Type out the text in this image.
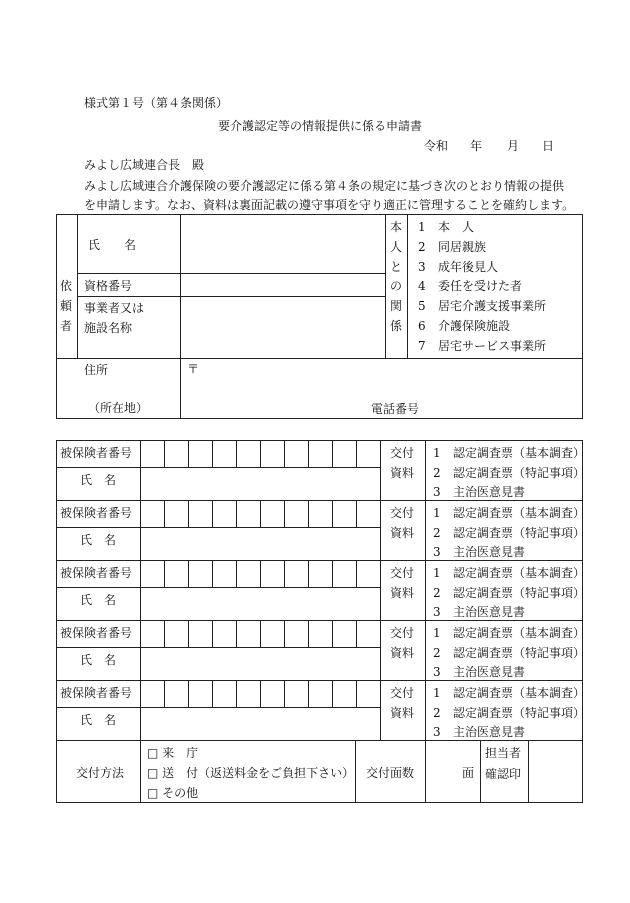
様式第１号（第４条関係）
要介護認定等の情報提供に係る申請書
令和 年 月 日
みよし広域連合長　殿
みよし広域連合介護保険の要介護認定に係る第４条の規定に基づき次のとおり情報の提供
を申請します。なお、資料は裏面記載の遵守事項を守り適正に管理することを確約します。
依
頼
者
氏　　名
資格番号
事業者又は
施設名称
本
人
と
の
関
係
1 本　人
2 同居親族
3 成年後見人
4 委任を受けた者
5 居宅介護支援事業所
6 介護保険施設
7 居宅サービス事業所
住所
（所在地）
〒
電話番号
被保険者番号
氏　名
交付
資料
1 認定調査票（基本調査）
2 認定調査票（特記事項）
3 主治医意見書
被保険者番号
氏　名
交付
資料
1 認定調査票（基本調査）
2 認定調査票（特記事項）
3 主治医意見書
被保険者番号
氏　名
交付
資料
1 認定調査票（基本調査）
2 認定調査票（特記事項）
3 主治医意見書
被保険者番号
氏　名
交付
資料
1 認定調査票（基本調査）
2 認定調査票（特記事項）
3 主治医意見書
被保険者番号
氏　名
交付
資料
1 認定調査票（基本調査）
2 認定調査票（特記事項）
3 主治医意見書
交付方法
□ 来　庁
□ 送　付（返送料金をご負担下さい）
□ その他
交付面数	面
担当者
確認印
